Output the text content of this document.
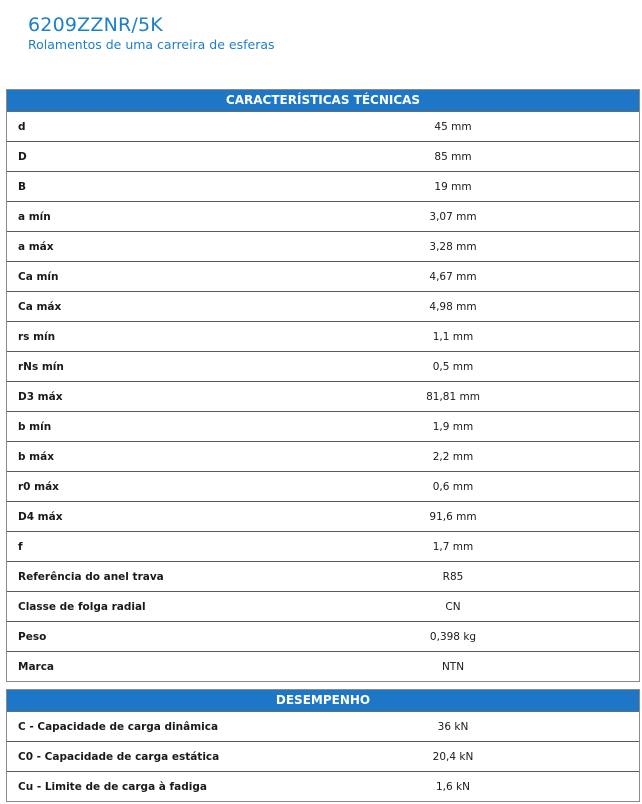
6209ZZNR/5K
Rolamentos de uma carreira de esferas
CARACTERÍSTICAS TÉCNICAS
d	45 mm
D	85 mm
B	19 mm
a mín	3,07 mm
a máx	3,28 mm
Ca mín	4,67 mm
Ca máx	4,98 mm
rs mín	1,1 mm
rNs mín	0,5 mm
D3 máx	81,81 mm
b mín	1,9 mm
b máx	2,2 mm
r0 máx	0,6 mm
D4 máx	91,6 mm
f	1,7 mm
Referência do anel trava	R85
Classe de folga radial	CN
Peso	0,398 kg
Marca	NTN
DESEMPENHO
C - Capacidade de carga dinâmica	36 kN
C0 - Capacidade de carga estática	20,4 kN
Cu - Limite de de carga à fadiga	1,6 kN
